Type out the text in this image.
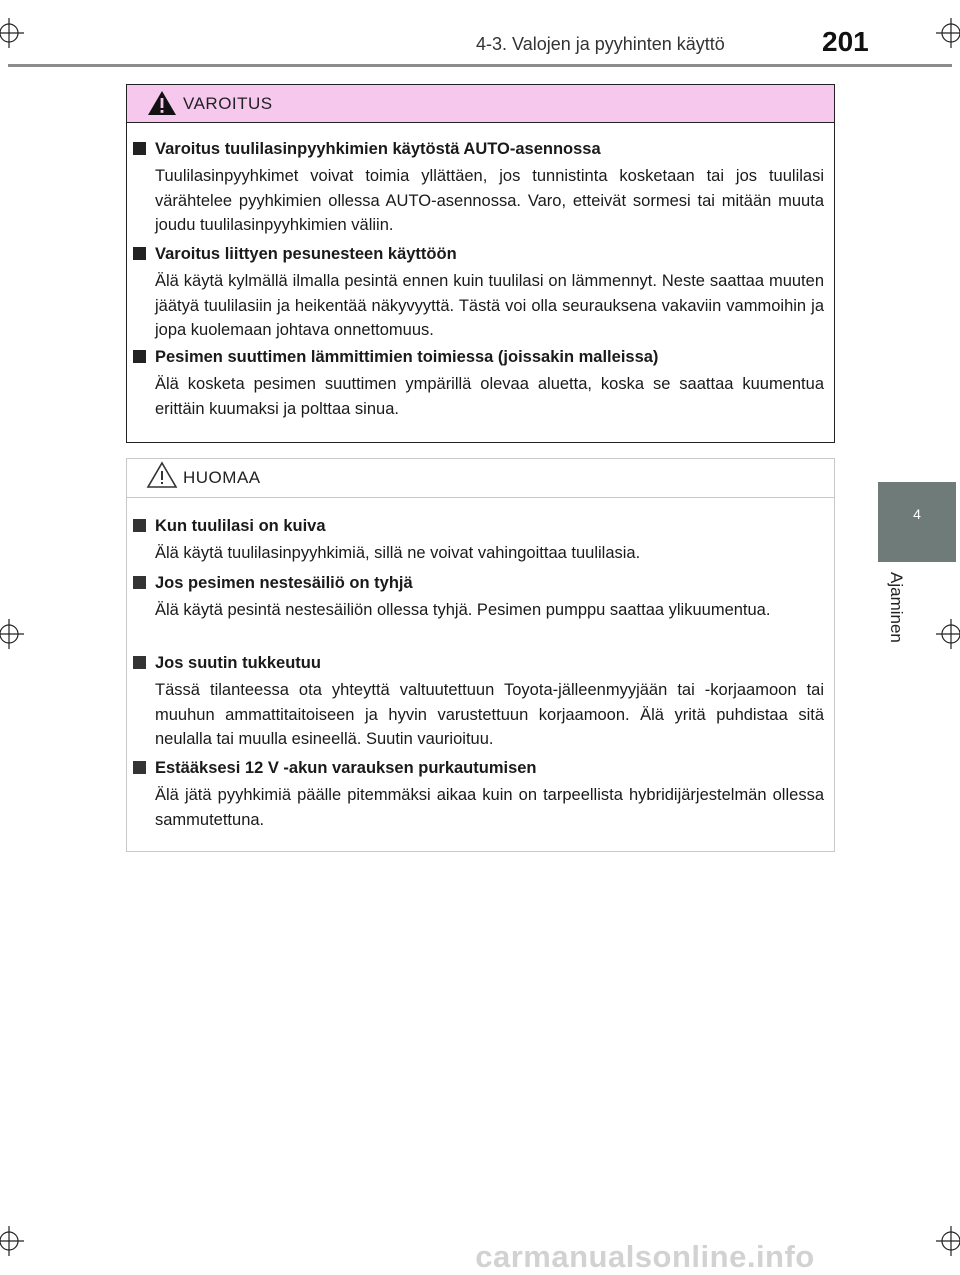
4-3. Valojen ja pyyhinten käyttö	201
4
Ajaminen
VAROITUS
Varoitus tuulilasinpyyhkimien käytöstä AUTO-asennossa
Tuulilasinpyyhkimet voivat toimia yllättäen, jos tunnistinta kosketaan tai jos tuulilasi värähtelee pyyhkimien ollessa AUTO-asennossa. Varo, etteivät sormesi tai mitään muuta joudu tuulilasinpyyhkimien väliin.
Varoitus liittyen pesunesteen käyttöön
Älä käytä kylmällä ilmalla pesintä ennen kuin tuulilasi on lämmennyt. Neste saattaa muuten jäätyä tuulilasiin ja heikentää näkyvyyttä. Tästä voi olla seurauksena vakaviin vammoihin ja jopa kuolemaan johtava onnettomuus.
Pesimen suuttimen lämmittimien toimiessa (joissakin malleissa)
Älä kosketa pesimen suuttimen ympärillä olevaa aluetta, koska se saattaa kuumentua erittäin kuumaksi ja polttaa sinua.
HUOMAA
Kun tuulilasi on kuiva
Älä käytä tuulilasinpyyhkimiä, sillä ne voivat vahingoittaa tuulilasia.
Jos pesimen nestesäiliö on tyhjä
Älä käytä pesintä nestesäiliön ollessa tyhjä. Pesimen pumppu saattaa ylikuumentua.
Jos suutin tukkeutuu
Tässä tilanteessa ota yhteyttä valtuutettuun Toyota-jälleenmyyjään tai -korjaamoon tai muuhun ammattitaitoiseen ja hyvin varustettuun korjaamoon. Älä yritä puhdistaa sitä neulalla tai muulla esineellä. Suutin vaurioituu.
Estääksesi 12 V -akun varauksen purkautumisen
Älä jätä pyyhkimiä päälle pitemmäksi aikaa kuin on tarpeellista hybridijärjestelmän ollessa sammutettuna.
carmanualsonline.info
